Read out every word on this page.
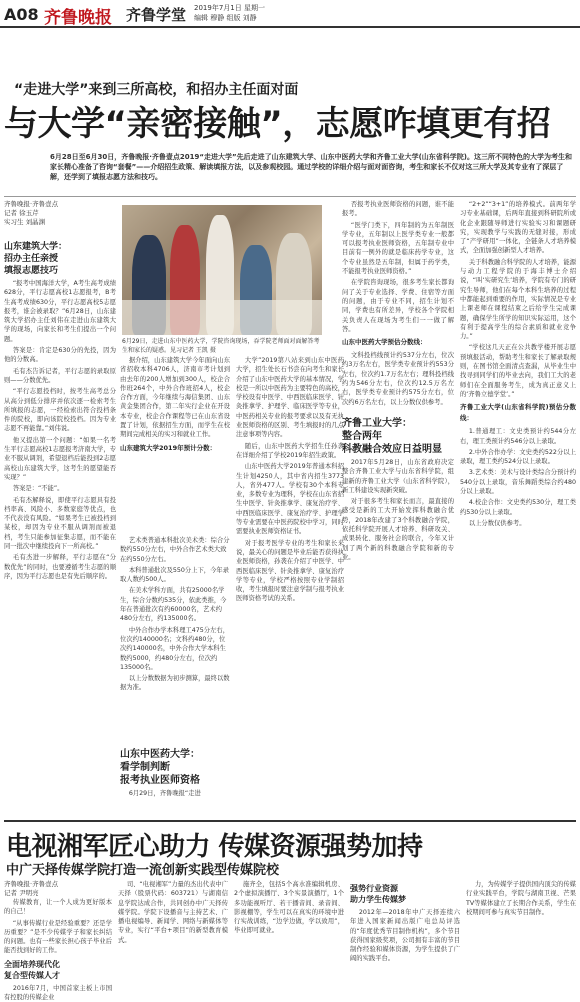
A08 齐鲁晚报 齐鲁学堂 2019年7月1日 星期一
编辑 穆静 组版 刘静
“走进大学”来到三所高校，和招办主任面对面
与大学“亲密接触”，志愿咋填更有招
6月28日至6月30日，齐鲁晚报·齐鲁壹点2019“走进大学”先后走进了山东建筑大学、山东中医药大学和齐鲁工业大学(山东省科学院)。这三所不同特色的大学为考生和家长精心准备了咨询“套餐”——介绍招生政策、解读填报方法，以及参观校园。通过学校的详细介绍与面对面咨询，考生和家长不仅对这三所大学及其专业有了深层了解，还学到了填报志愿方法和技巧。

齐鲁晚报·齐鲁壹点
记者 徐玉芹
实习生 刘晶渊

山东建筑大学：
招办主任亲授
填报志愿技巧

“报考中国海洋大学，A考生高考成绩628分，平行志愿高校1志愿报考，B考生高考成绩630分，平行志愿高校5志愿报考，谁会被录取？”6月28日，山东建筑大学招办主任刘伟在走进山东建筑大学的现场，向家长和考生们提出一个问题。

答案是：肯定是630分的先投，因为他的分数高。

毛有杰告诉记者，平行志愿的录取原则——分数优先。

“平行志愿投档时，按考生高考总分从高分到低分排序并依次逐一检索考生所填报的志愿，一经检索出符合投档条件的院校，即向该院校投档。因为专业志愿不再能靠。”刘伟说。

他又提出第一个问题：“如果一名考生平行志愿高校1志愿报考济南大学，专业不服从调剂，希望退档后能投到2志愿高校山东建筑大学，这考生的愿望能否实现？”

答案是：“不能”。

毛有杰解释说，即使平行志愿具有投档率高、风险小、多数家庭等优点，也不代表没有风险。“如果考生已被投档到某校，却因为专业不服从调剂而被退档，考生只能参加征集志愿，而不能在同一批次中继续投向下一所高校。”

毛有杰进一步解释，平行志愿在“分数优先”的同时，也要遵循考生志愿的顺序，因为平行志愿也是有先后顺序的。

6月29日，走进山东中医药大学，学院咨询现场，吞学院老师面对面解答考生和家长的疑惑。见习记者 王凯 摄

据介绍，山东建筑大学今年面向山东省招收本科4706人，济南市考计划到由去年的200人增加到300人，校企合作班264个，中外合作班招4人，校企合作方面，今年继续与海信集团、山东黄金集团合作，第二年实行企业在开设本专业，校企合作课程等已在山东省设置了计划，依据招生方面，而学生在校期间完成相关的实习和就业工作。

山东建筑大学2019年预计分数：

艺术类普通本科批次美术类：综合分数约550分左右，中外合作艺术类大致在约550分左右。

本科普通批次及550分上下，今年录取人数约500人。

在美术学科方面，共有25000名学生，综合分数约535分，依此类推，今年在普通批次有约60000名，艺术约480分左右，约135000名。

中外合作办学本科理工475分左右，位次约140000名；文科约480分，位次约140000名，中外合作大学本科生数约5000，约480分左右，位次约135000名。

以上分数数据为初步测算，最终以数据为准。

山东中医药大学：
看学制判断
报考执业医师资格

6月29日，齐鲁晚报“走进

大学”2019第八站来到山东中医药大学，招生处长石书尝在向考生和家长介绍了山东中医药大学的基本情况，学校是一所以中医药为主要特色的高校，学校设有中医学、中西医临床医学、针灸推拿学、护理学、临床医学等专业，中医药相关专业的报考要求以及有无执业医师资格的区别、考生填报时的几点注意事项等内容。

随后，山东中医药大学招生任孙袭在详细介绍了学校2019年招生政策。

山东中医药大学2019年普通本科招生计划4250人，其中省内招生3773人，省外477人。学校有30个本科专业，多数专业为理科，学校在山东省招生中医学、针灸推拿学、康复治疗学、中西医临床医学、康复治疗学、护理学等专业需要在中医药院校中学习，同时需要执业医师资格证书。

对于报考医学专业的考生和家长来说，最关心的问题是毕业后能否获得执业医师资格，孙袭在介绍了中医学、中西医临床医学、针灸推拿学、康复治疗学等专业，学校严格按照专业学制招收，考生填报时要注意学制与报考执业医师资格考试的关系。

否报考执业医师资格的问题，谁不能报考。

“医学门类下，四年制的为五年制医学专业，五年制以上医学类专业一般都可以报考执业医师资格，五年制专业中目前有一例外的就是临床药学专业，这个专业虽然是五年制，但属于药学类，不能报考执业医师资格。”

在学院咨询现场，很多考生家长都询问了关于专业选择、学费、住宿等方面的问题，由于专业不同，招生计划不同，学费也有所差异，学校各个学院相关负责人在现场为考生们一一做了解答。

山东中医药大学预估分数线：

文科投档线预计约537分左右，位次约3万名左右，医学类专业预计约553分左右，位次约1.7万名左右；理科投档线约为546分左右，位次约12.5万名左右，医学类专业预计约575分左右，位次约6万名左右，以上分数仅供参考。

齐鲁工业大学：
整合两年
科教融合效应日益明显

2017年5月28日，山东省政府决定整合齐鲁工业大学与山东省科学院，组建新的齐鲁工业大学（山东省科学院），新工科建设实现新突破。

对于很多考生和家长而言，最直接的感受是新的工大开始发挥科教融合优势，2018年改建了3个科教融合学院，依托科学院开展人才培养、科研攻关、成果转化、服务社会的联合，今年又计划了两个新的科教融合学院和新的专业。

“2+2”“3+1”的培养模式。前两年学习专业基础课，后两年直接到科研院所或化企业跟随导师进行实验实习和课题研究，实现教学与实践的无缝对接，形成了“产学研用”一体化，全链条人才培养模式，全面加强创新型人才培养。

关于科教融合科学院的人才培养，能源与动力工程学院的于海丰博士介绍说，“叫‘实研究生’培养，学院有专门的研究生导师，他们在每个本科生培养的过程中都能起到重要的作用，实际情况是专业上课老师在课程结束之后给学生完成课题，确保学生所学的知识实际运用，这个有利于提高学生的综合素质和就业竞争力。”

“学校这几天正在公共教学楼开展志愿预填报活动，帮助考生和家长了解录取规则，在图书馆全面清点查漏，从毕业生中找寻到同学们的毕业去向，我们工大的老师们在全面服务考生，成为真正意义上的‘齐鲁立德学堂’。”

齐鲁工业大学(山东省科学院)预估分数线：

1.普通理工：文史类预计约544分左右，理工类预计约546分以上录取。

2.中外合作办学：文史类约522分以上录取，理工类约524分以上录取。

3.艺术类：美术与设计类综合分预计约540分以上录取，音乐舞蹈类综合约480分以上录取。

4.校企合作：文史类约530分，理工类约530分以上录取。

以上分数仅供参考。

电视湘军匠心助力 传媒资源强势加持
中广天择传媒学院打造一流创新实践型传媒院校

齐鲁晚报·齐鲁壹点
记者 尹明亮

传媒教育，让一个人成为更好版本的自己！

“从事传媒行业是经验重要？还是学历重要？”是不少传媒学子和家长纠结的问题。也有一些家长担心孩子毕业后能否找到好的工作。

全面培养现代化
复合型传媒人才

2016年7月，中国首家主板上市国有控股的传媒企业

司、“电视湘军”力量的杰出代表中广天择（股票代码：603721）与湖南信息学院达成合作，共同创办中广天择传媒学院。学院下设播音与主持艺术、广播电视编导、新闻学、网络与新媒体等专业，实行“平台+项目”的新型教育模式。

施齐全，包括5个高水准编辑机房、2个虚拟演播厅、3个实景演播厅，1个多功能视听厅、若干播音间、录音间、影视棚等，学生可以在真实的环境中进行实战训练，“边学边做，学以致用”，毕业即可就业。

强势行业资源
助力学生传媒梦

2012年—2018年中广天择连续六年进入国家新闻出版广电总局评选的“年度优秀节目制作机构”，多个节目获得国家级奖项，公司拥有丰富的节目制作经验和媒体资源，为学生提供了广阔的实践平台。

力，为传媒学子提供国内顶尖的传媒行业实践平台，学院与湖南卫视、芒果TV等媒体建立了长期合作关系，学生在校期间可参与真实节目制作。
